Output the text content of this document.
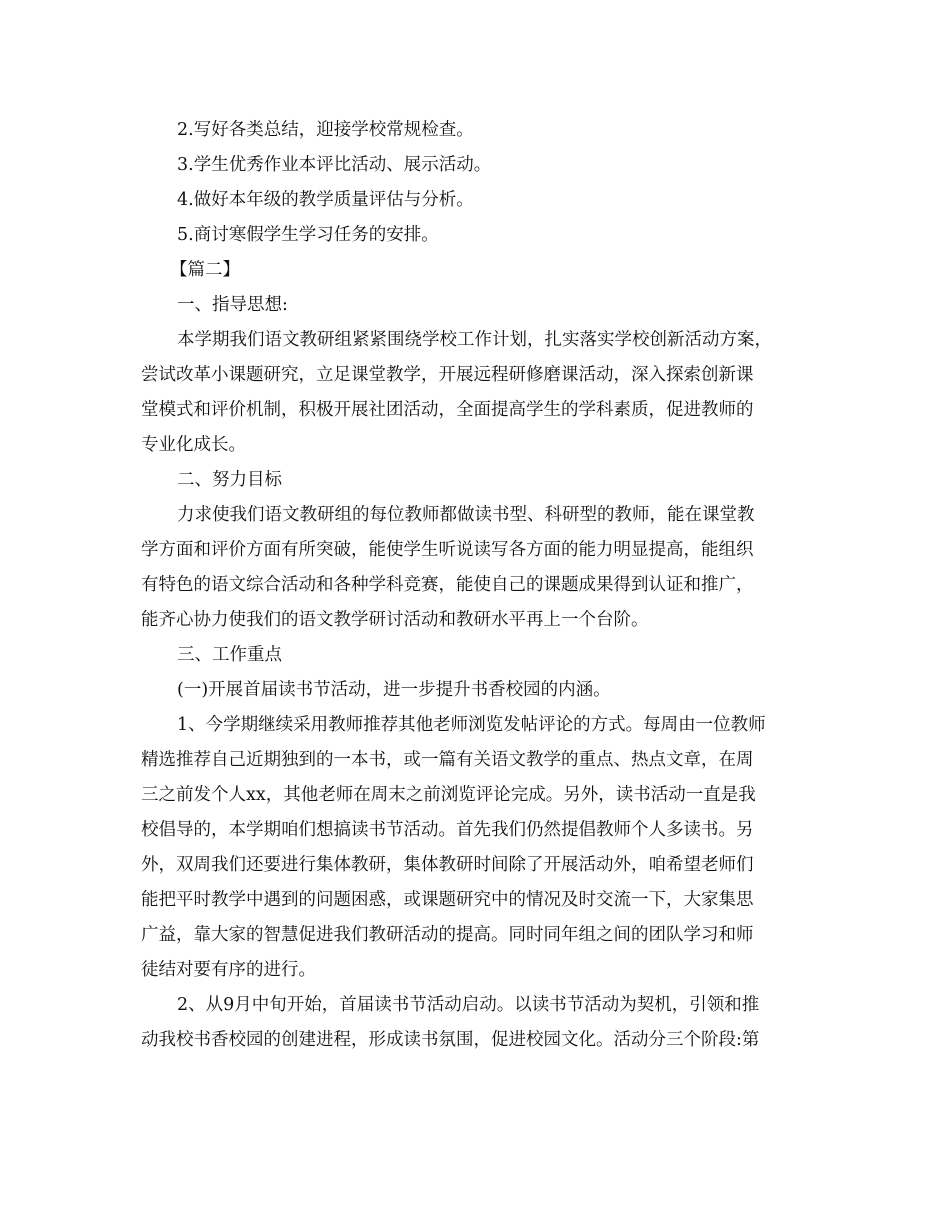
2.写好各类总结，迎接学校常规检查。
3.学生优秀作业本评比活动、展示活动。
4.做好本年级的教学质量评估与分析。
5.商讨寒假学生学习任务的安排。
【篇二】
一、指导思想:
本学期我们语文教研组紧紧围绕学校工作计划，扎实落实学校创新活动方案，
尝试改革小课题研究，立足课堂教学，开展远程研修磨课活动，深入探索创新课
堂模式和评价机制，积极开展社团活动，全面提高学生的学科素质，促进教师的
专业化成长。
二、努力目标
力求使我们语文教研组的每位教师都做读书型、科研型的教师，能在课堂教
学方面和评价方面有所突破，能使学生听说读写各方面的能力明显提高，能组织
有特色的语文综合活动和各种学科竞赛，能使自己的课题成果得到认证和推广，
能齐心协力使我们的语文教学研讨活动和教研水平再上一个台阶。
三、工作重点
(一)开展首届读书节活动，进一步提升书香校园的内涵。
1、今学期继续采用教师推荐其他老师浏览发帖评论的方式。每周由一位教师
精选推荐自己近期独到的一本书，或一篇有关语文教学的重点、热点文章，在周
三之前发个人xx，其他老师在周末之前浏览评论完成。另外，读书活动一直是我
校倡导的，本学期咱们想搞读书节活动。首先我们仍然提倡教师个人多读书。另
外，双周我们还要进行集体教研，集体教研时间除了开展活动外，咱希望老师们
能把平时教学中遇到的问题困惑，或课题研究中的情况及时交流一下，大家集思
广益，靠大家的智慧促进我们教研活动的提高。同时同年组之间的团队学习和师
徒结对要有序的进行。
2、从9月中旬开始，首届读书节活动启动。以读书节活动为契机，引领和推
动我校书香校园的创建进程，形成读书氛围，促进校园文化。活动分三个阶段:第
